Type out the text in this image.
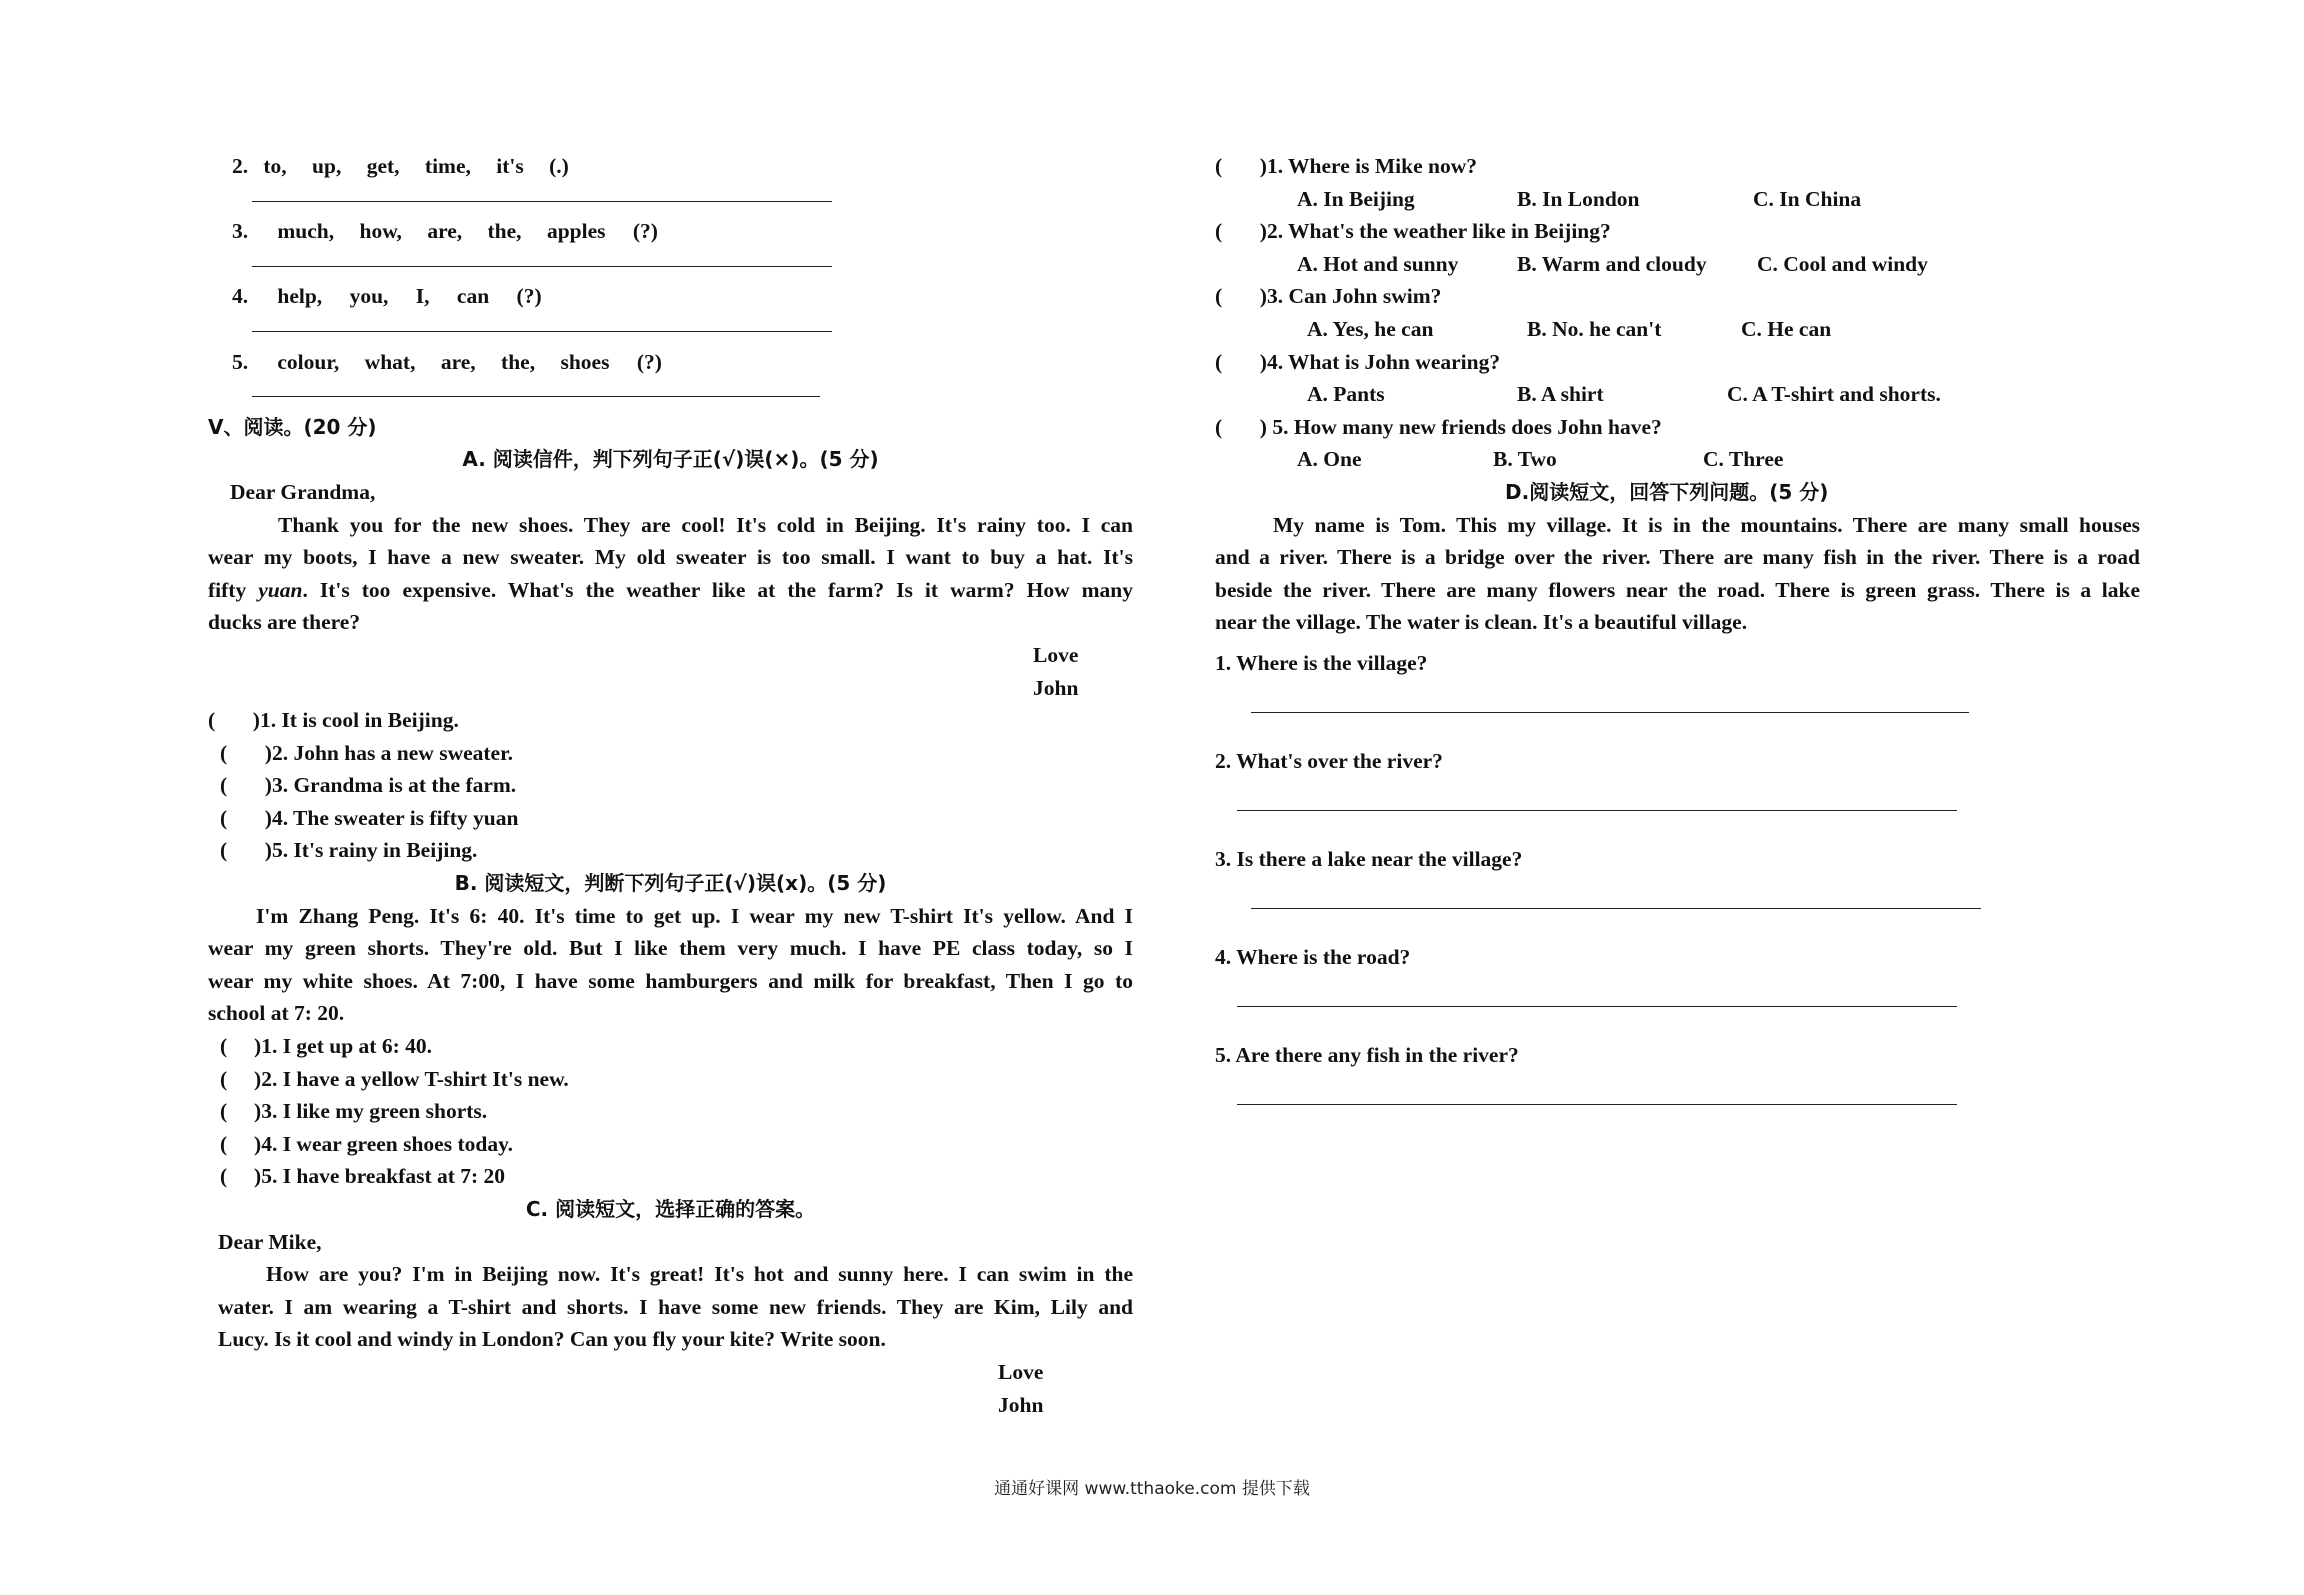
2. to, up, get, time, it's (.)
3. much, how, are, the, apples (?)
4. help, you, I, can (?)
5. colour, what, are, the, shoes (?)
V、阅读。(20 分)
A. 阅读信件，判下列句子正(√)误(×)。(5 分)
Dear Grandma,
Thank you for the new shoes. They are cool! It's cold in Beijing. It's rainy too. I can
wear my boots, I have a new sweater. My old sweater is too small. I want to buy a hat. It's
fifty yuan. It's too expensive. What's the weather like at the farm? Is it warm? How many
ducks are there?
Love
John
(       )1. It is cool in Beijing.
(       )2. John has a new sweater.
(       )3. Grandma is at the farm.
(       )4. The sweater is fifty yuan
(       )5. It's rainy in Beijing.
B. 阅读短文，判断下列句子正(√)误(x)。(5 分)
I'm Zhang Peng. It's 6: 40. It's time to get up. I wear my new T-shirt It's yellow. And I
wear my green shorts. They're old. But I like them very much. I have PE class today, so I
wear my white shoes. At 7:00, I have some hamburgers and milk for breakfast, Then I go to
school at 7: 20.
(     )1. I get up at 6: 40.
(     )2. I have a yellow T-shirt It's new.
(     )3. I like my green shorts.
(     )4. I wear green shoes today.
(     )5. I have breakfast at 7: 20
C. 阅读短文，选择正确的答案。
Dear Mike,
How are you? I'm in Beijing now. It's great! It's hot and sunny here. I can swim in the
water. I am wearing a T-shirt and shorts. I have some new friends. They are Kim, Lily and
Lucy. Is it cool and windy in London? Can you fly your kite? Write soon.
Love
John
(       )1. Where is Mike now?
A. In Beijing	B. In London	C. In China
(       )2. What's the weather like in Beijing?
A. Hot and sunny	B. Warm and cloudy C. Cool and windy
(       )3. Can John swim?
A. Yes, he can	B. No. he can't	C. He can
(       )4. What is John wearing?
A. Pants	B. A shirt	C. A T-shirt and shorts.
(       ) 5. How many new friends does John have?
A. One	B. Two	C. Three
D.阅读短文，回答下列问题。(5 分)
My name is Tom. This my village. It is in the mountains. There are many small houses
and a river. There is a bridge over the river. There are many fish in the river. There is a road
beside the river. There are many flowers near the road. There is green grass. There is a lake
near the village. The water is clean. It's a beautiful village.
1. Where is the village?
2. What's over the river?
3. Is there a lake near the village?
4. Where is the road?
5. Are there any fish in the river?
通通好课网 www.tthaoke.com 提供下载
